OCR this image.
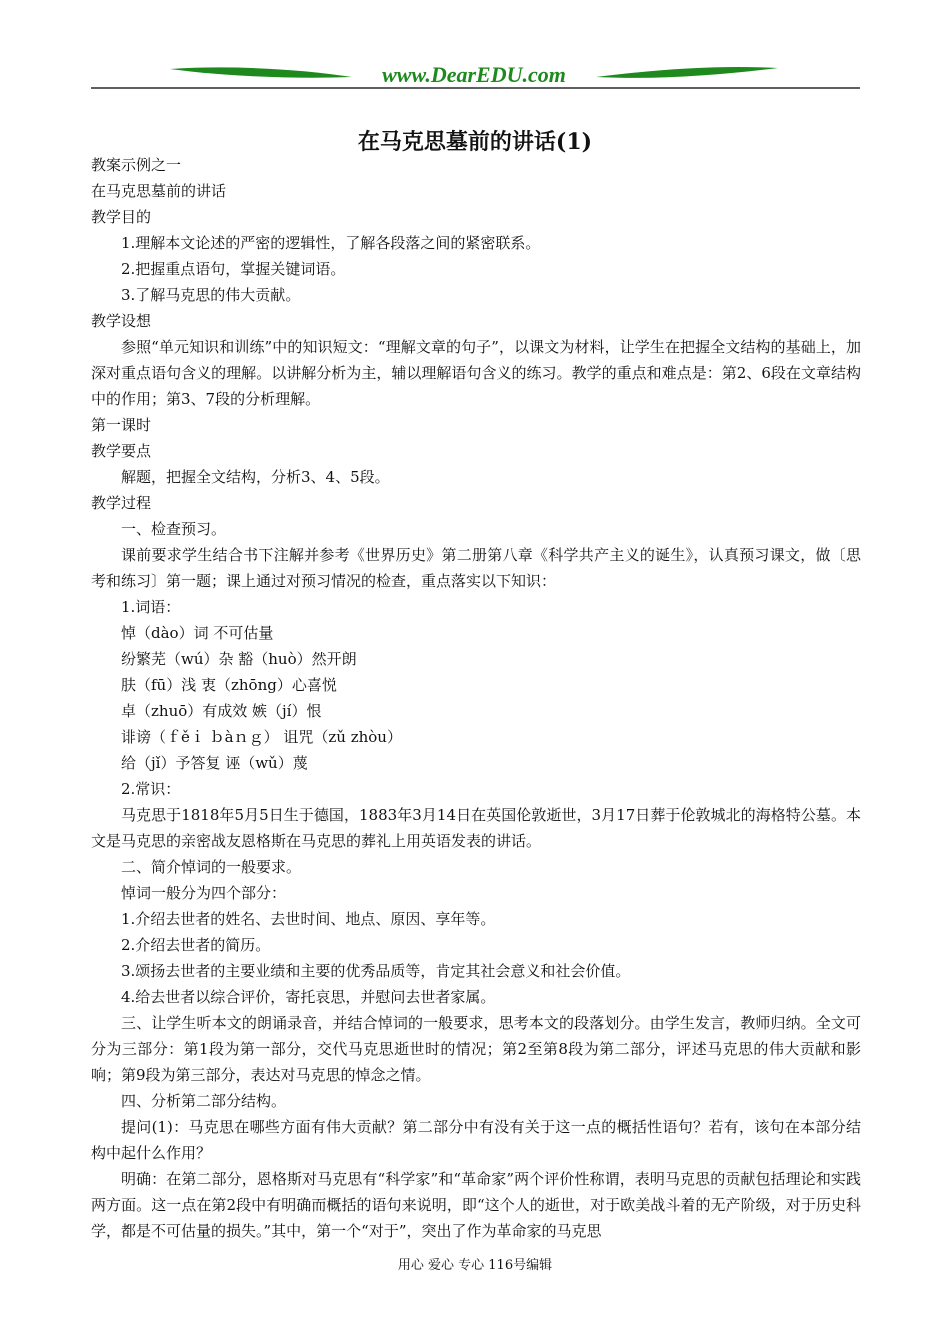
www.DearEDU.com
在马克思墓前的讲话(1)

教案示例之一

在马克思墓前的讲话

教学目的

1.理解本文论述的严密的逻辑性，了解各段落之间的紧密联系。

2.把握重点语句，掌握关键词语。

3.了解马克思的伟大贡献。

教学设想

参照“单元知识和训练”中的知识短文：“理解文章的句子”，以课文为材料，让学生在把握全文结构的基础上，加深对重点语句含义的理解。以讲解分析为主，辅以理解语句含义的练习。教学的重点和难点是：第2、6段在文章结构中的作用；第3、7段的分析理解。

第一课时

教学要点

解题，把握全文结构，分析3、4、5段。

教学过程

一、检查预习。

课前要求学生结合书下注解并参考《世界历史》第二册第八章《科学共产主义的诞生》，认真预习课文，做〔思考和练习〕第一题；课上通过对预习情况的检查，重点落实以下知识：

1.词语：

悼（dào）词 不可估量

纷繁芜（wú）杂 豁（huò）然开朗

肤（fū）浅 衷（zhōng）心喜悦

卓（zhuō）有成效 嫉（jí）恨

诽谤（ｆěｉ ｂàｎｇ） 诅咒（zǔ zhòu）

给（jǐ）予答复 诬（wǔ）蔑

2.常识：

马克思于1818年5月5日生于德国，1883年3月14日在英国伦敦逝世，3月17日葬于伦敦城北的海格特公墓。本文是马克思的亲密战友恩格斯在马克思的葬礼上用英语发表的讲话。

二、简介悼词的一般要求。

悼词一般分为四个部分：

1.介绍去世者的姓名、去世时间、地点、原因、享年等。

2.介绍去世者的简历。

3.颂扬去世者的主要业绩和主要的优秀品质等，肯定其社会意义和社会价值。

4.给去世者以综合评价，寄托哀思，并慰问去世者家属。

三、让学生听本文的朗诵录音，并结合悼词的一般要求，思考本文的段落划分。由学生发言，教师归纳。全文可分为三部分：第1段为第一部分，交代马克思逝世时的情况；第2至第8段为第二部分，评述马克思的伟大贡献和影响；第9段为第三部分，表达对马克思的悼念之情。

四、分析第二部分结构。

提问(1)：马克思在哪些方面有伟大贡献？第二部分中有没有关于这一点的概括性语句？若有，该句在本部分结构中起什么作用？

明确：在第二部分，恩格斯对马克思有“科学家”和“革命家”两个评价性称谓，表明马克思的贡献包括理论和实践两方面。这一点在第2段中有明确而概括的语句来说明，即“这个人的逝世，对于欧美战斗着的无产阶级，对于历史科学，都是不可估量的损失。”其中，第一个“对于”，突出了作为革命家的马克思

用心 爱心 专心 116号编辑
